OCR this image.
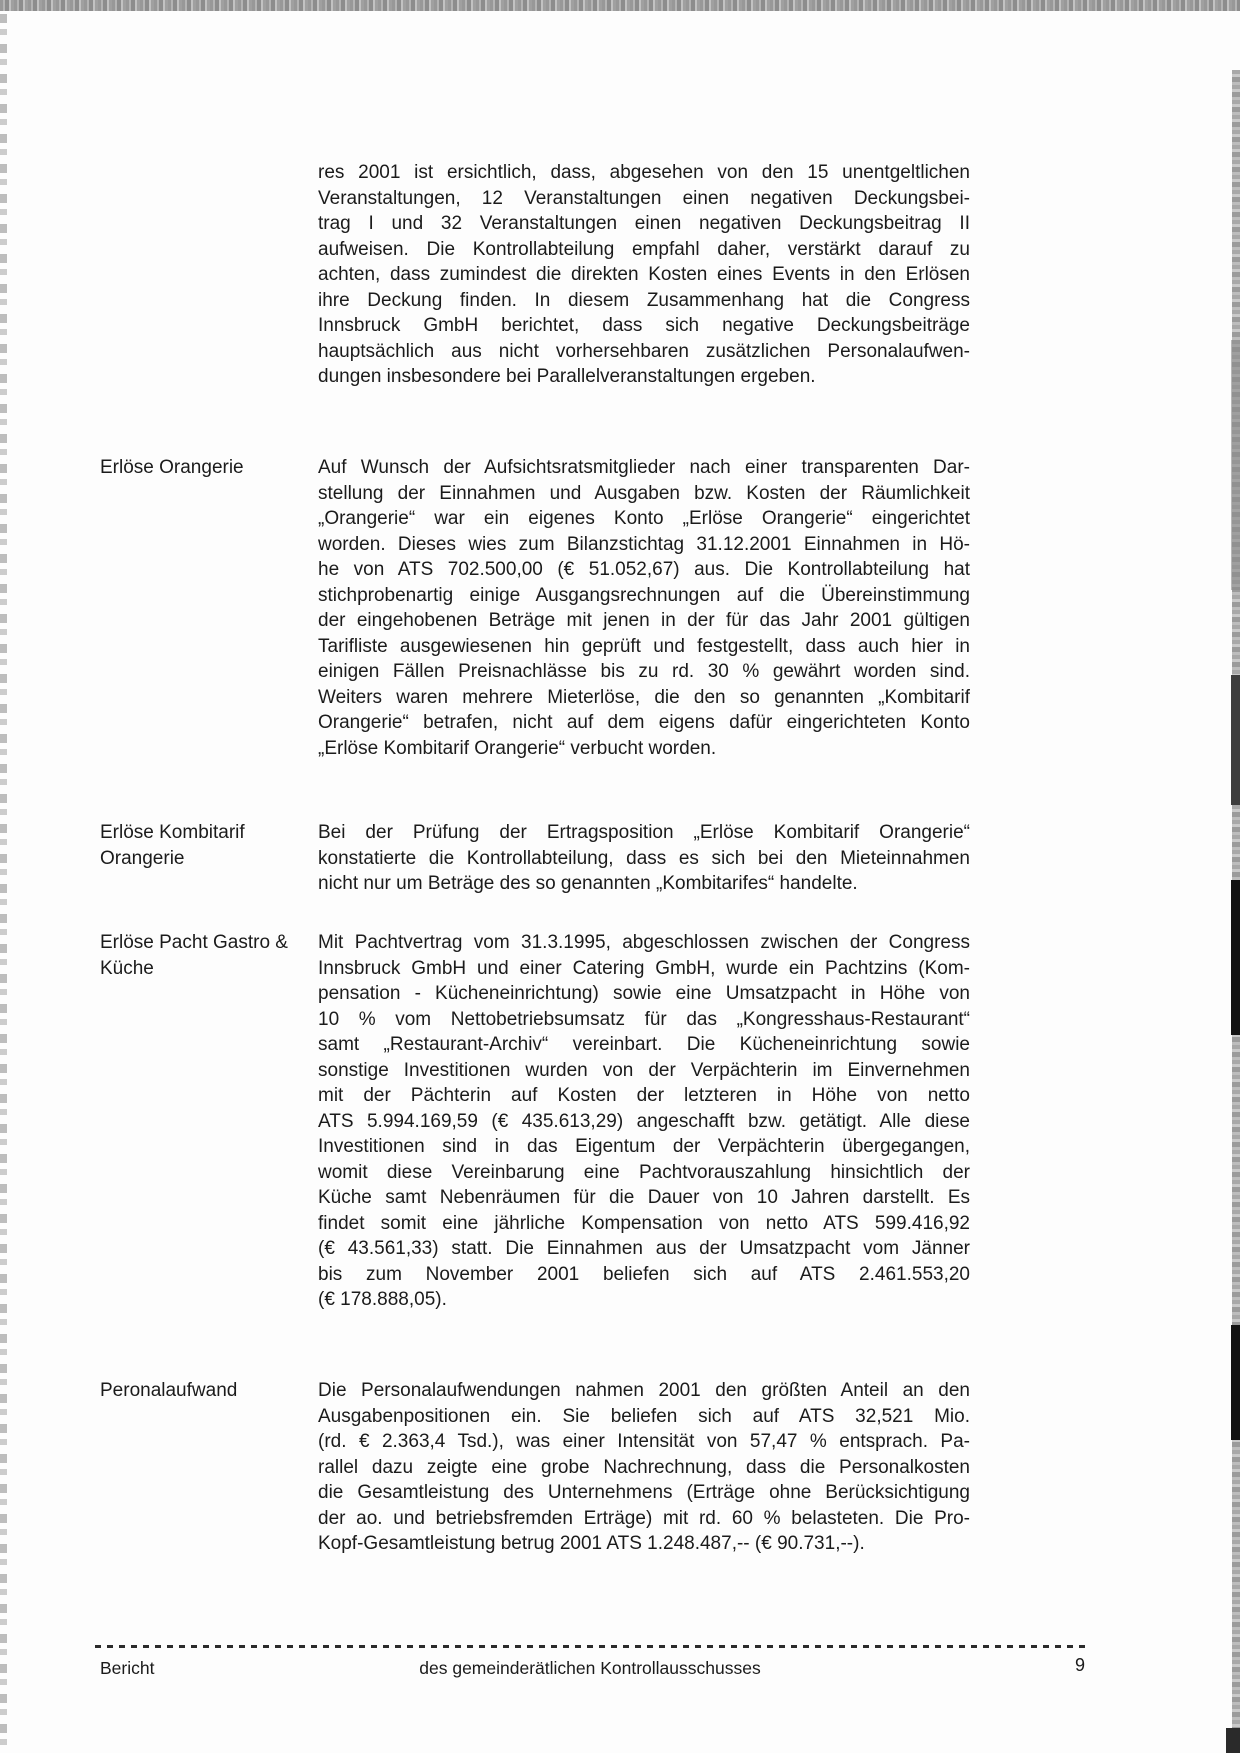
res 2001 ist ersichtlich, dass, abgesehen von den 15 unentgeltlichen
Veranstaltungen, 12 Veranstaltungen einen negativen Deckungsbei-
trag I und 32 Veranstaltungen einen negativen Deckungsbeitrag II
aufweisen. Die Kontrollabteilung empfahl daher, verstärkt darauf zu
achten, dass zumindest die direkten Kosten eines Events in den Erlösen
ihre Deckung finden. In diesem Zusammenhang hat die Congress
Innsbruck GmbH berichtet, dass sich negative Deckungsbeiträge
hauptsächlich aus nicht vorhersehbaren zusätzlichen Personalaufwen-
dungen insbesondere bei Parallelveranstaltungen ergeben.
Erlöse Orangerie	Auf Wunsch der Aufsichtsratsmitglieder nach einer transparenten Dar-
stellung der Einnahmen und Ausgaben bzw. Kosten der Räumlichkeit
„Orangerie“ war ein eigenes Konto „Erlöse Orangerie“ eingerichtet
worden. Dieses wies zum Bilanzstichtag 31.12.2001 Einnahmen in Hö-
he von ATS 702.500,00 (€ 51.052,67) aus. Die Kontrollabteilung hat
stichprobenartig einige Ausgangsrechnungen auf die Übereinstimmung
der eingehobenen Beträge mit jenen in der für das Jahr 2001 gültigen
Tarifliste ausgewiesenen hin geprüft und festgestellt, dass auch hier in
einigen Fällen Preisnachlässe bis zu rd. 30 % gewährt worden sind.
Weiters waren mehrere Mieterlöse, die den so genannten „Kombitarif
Orangerie“ betrafen, nicht auf dem eigens dafür eingerichteten Konto
„Erlöse Kombitarif Orangerie“ verbucht worden.
Erlöse Kombitarif
Orangerie
Bei der Prüfung der Ertragsposition „Erlöse Kombitarif Orangerie“
konstatierte die Kontrollabteilung, dass es sich bei den Mieteinnahmen
nicht nur um Beträge des so genannten „Kombitarifes“ handelte.
Erlöse Pacht Gastro &
Küche
Mit Pachtvertrag vom 31.3.1995, abgeschlossen zwischen der Congress
Innsbruck GmbH und einer Catering GmbH, wurde ein Pachtzins (Kom-
pensation - Kücheneinrichtung) sowie eine Umsatzpacht in Höhe von
10 % vom Nettobetriebsumsatz für das „Kongresshaus-Restaurant“
samt „Restaurant-Archiv“ vereinbart. Die Kücheneinrichtung sowie
sonstige Investitionen wurden von der Verpächterin im Einvernehmen
mit der Pächterin auf Kosten der letzteren in Höhe von netto
ATS 5.994.169,59 (€ 435.613,29) angeschafft bzw. getätigt. Alle diese
Investitionen sind in das Eigentum der Verpächterin übergegangen,
womit diese Vereinbarung eine Pachtvorauszahlung hinsichtlich der
Küche samt Nebenräumen für die Dauer von 10 Jahren darstellt. Es
findet somit eine jährliche Kompensation von netto ATS 599.416,92
(€ 43.561,33) statt. Die Einnahmen aus der Umsatzpacht vom Jänner
bis zum November 2001 beliefen sich auf ATS 2.461.553,20
(€ 178.888,05).
Peronalaufwand	Die Personalaufwendungen nahmen 2001 den größten Anteil an den
Ausgabenpositionen ein. Sie beliefen sich auf ATS 32,521 Mio.
(rd. € 2.363,4 Tsd.), was einer Intensität von 57,47 % entsprach. Pa-
rallel dazu zeigte eine grobe Nachrechnung, dass die Personalkosten
die Gesamtleistung des Unternehmens (Erträge ohne Berücksichtigung
der ao. und betriebsfremden Erträge) mit rd. 60 % belasteten. Die Pro-
Kopf-Gesamtleistung betrug 2001 ATS 1.248.487,-- (€ 90.731,--).
Bericht	des gemeinderätlichen Kontrollausschusses	9
